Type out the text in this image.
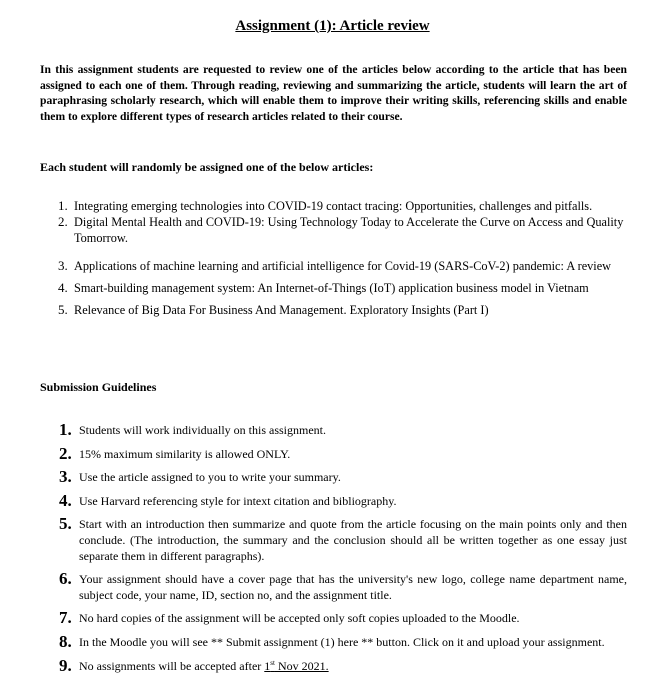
Assignment (1): Article review
In this assignment students are requested to review one of the articles below according to the article that has been assigned to each one of them. Through reading, reviewing and summarizing the article, students will learn the art of paraphrasing scholarly research, which will enable them to improve their writing skills, referencing skills and enable them to explore different types of research articles related to their course.
Each student will randomly be assigned one of the below articles:
1. Integrating emerging technologies into COVID-19 contact tracing: Opportunities, challenges and pitfalls.
2. Digital Mental Health and COVID-19: Using Technology Today to Accelerate the Curve on Access and Quality Tomorrow.
3. Applications of machine learning and artificial intelligence for Covid-19 (SARS-CoV-2) pandemic: A review
4. Smart-building management system: An Internet-of-Things (IoT) application business model in Vietnam
5. Relevance of Big Data For Business And Management. Exploratory Insights (Part I)
Submission Guidelines
1. Students will work individually on this assignment.
2. 15% maximum similarity is allowed ONLY.
3. Use the article assigned to you to write your summary.
4. Use Harvard referencing style for intext citation and bibliography.
5. Start with an introduction then summarize and quote from the article focusing on the main points only and then conclude. (The introduction, the summary and the conclusion should all be written together as one essay just separate them in different paragraphs).
6. Your assignment should have a cover page that has the university's new logo, college name department name, subject code, your name, ID, section no, and the assignment title.
7. No hard copies of the assignment will be accepted only soft copies uploaded to the Moodle.
8. In the Moodle you will see ** Submit assignment (1) here ** button. Click on it and upload your assignment.
9. No assignments will be accepted after 1st Nov 2021.
